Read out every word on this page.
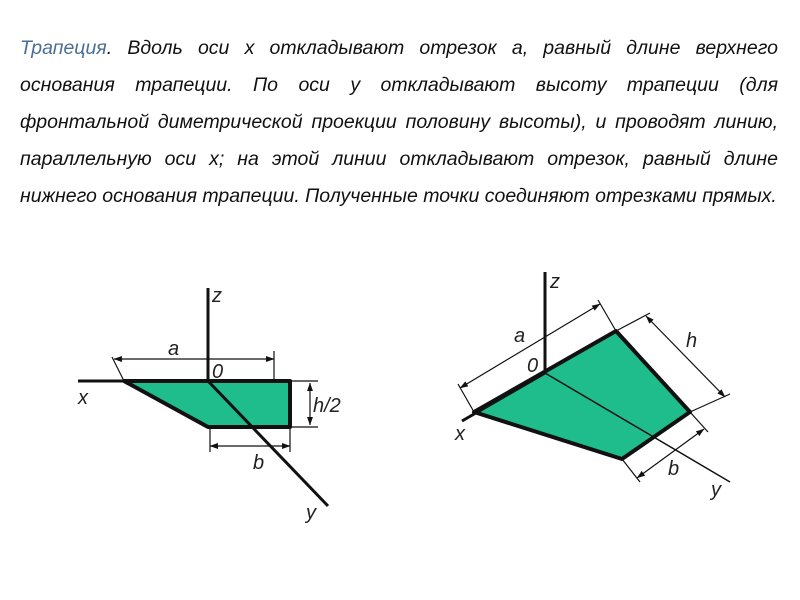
Трапеция. Вдоль оси x откладывают отрезок a, равный длине верхнего основания трапеции. По оси y откладывают высоту трапеции (для фронтальной диметрической проекции половину высоты), и проводят линию, параллельную оси x; на этой линии откладывают отрезок, равный длине нижнего основания трапеции. Полученные точки соединяют отрезками прямых.

z
x
y
0
a
b
h/2
z
x
y
0
a
b
h
